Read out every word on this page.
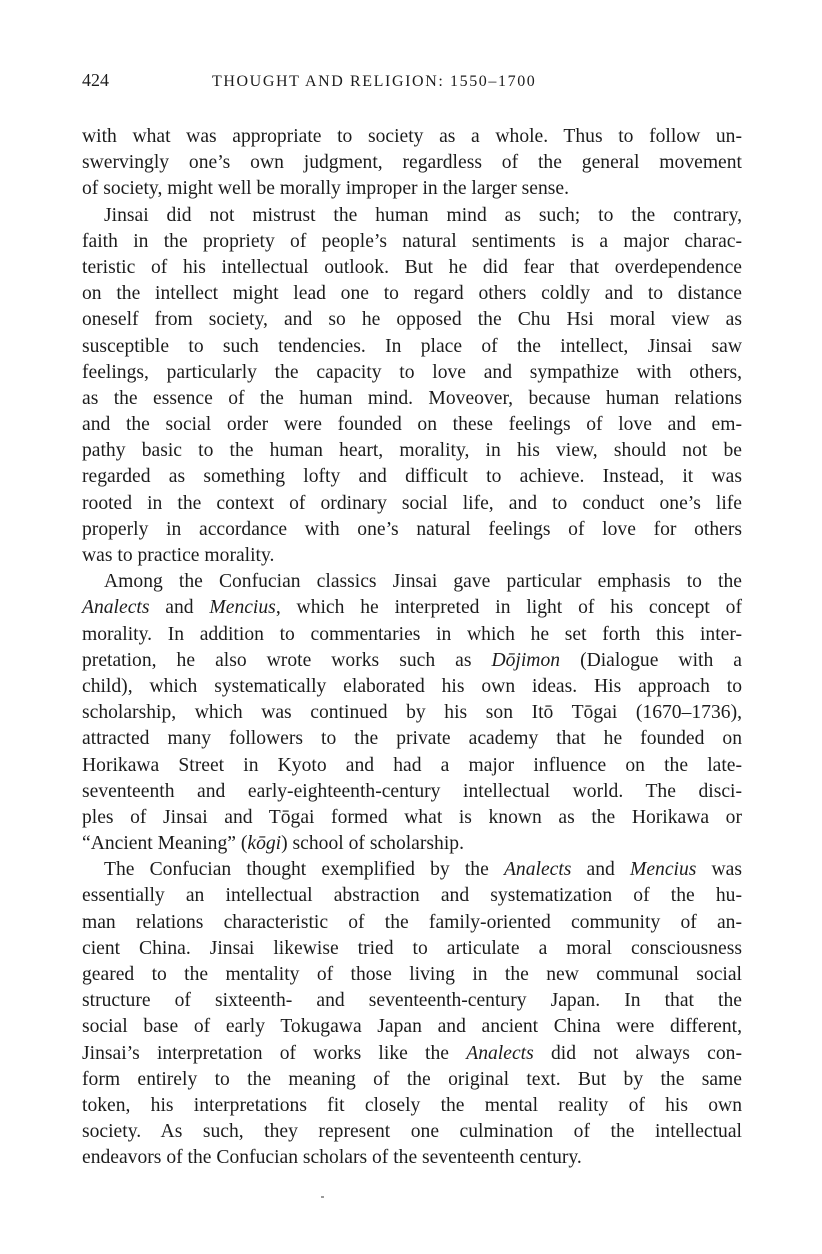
424	THOUGHT AND RELIGION: 1550–1700
with what was appropriate to society as a whole. Thus to follow un-
swervingly one’s own judgment, regardless of the general movement
of society, might well be morally improper in the larger sense.
Jinsai did not mistrust the human mind as such; to the contrary,
faith in the propriety of people’s natural sentiments is a major charac-
teristic of his intellectual outlook. But he did fear that overdependence
on the intellect might lead one to regard others coldly and to distance
oneself from society, and so he opposed the Chu Hsi moral view as
susceptible to such tendencies. In place of the intellect, Jinsai saw
feelings, particularly the capacity to love and sympathize with others,
as the essence of the human mind. Moveover, because human relations
and the social order were founded on these feelings of love and em-
pathy basic to the human heart, morality, in his view, should not be
regarded as something lofty and difficult to achieve. Instead, it was
rooted in the context of ordinary social life, and to conduct one’s life
properly in accordance with one’s natural feelings of love for others
was to practice morality.
Among the Confucian classics Jinsai gave particular emphasis to the
Analects and Mencius, which he interpreted in light of his concept of
morality. In addition to commentaries in which he set forth this inter-
pretation, he also wrote works such as Dōjimon (Dialogue with a
child), which systematically elaborated his own ideas. His approach to
scholarship, which was continued by his son Itō Tōgai (1670–1736),
attracted many followers to the private academy that he founded on
Horikawa Street in Kyoto and had a major influence on the late-
seventeenth and early-eighteenth-century intellectual world. The disci-
ples of Jinsai and Tōgai formed what is known as the Horikawa or
“Ancient Meaning” (kōgi) school of scholarship.
The Confucian thought exemplified by the Analects and Mencius was
essentially an intellectual abstraction and systematization of the hu-
man relations characteristic of the family-oriented community of an-
cient China. Jinsai likewise tried to articulate a moral consciousness
geared to the mentality of those living in the new communal social
structure of sixteenth- and seventeenth-century Japan. In that the
social base of early Tokugawa Japan and ancient China were different,
Jinsai’s interpretation of works like the Analects did not always con-
form entirely to the meaning of the original text. But by the same
token, his interpretations fit closely the mental reality of his own
society. As such, they represent one culmination of the intellectual
endeavors of the Confucian scholars of the seventeenth century.
